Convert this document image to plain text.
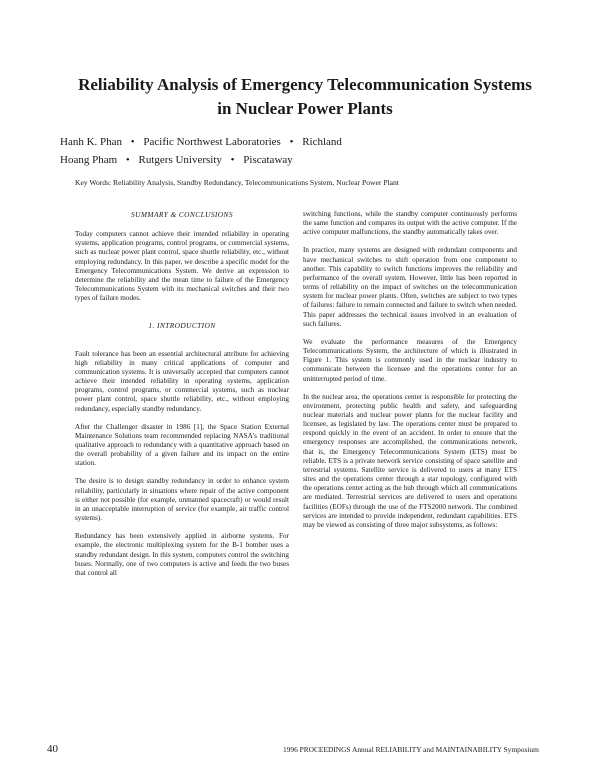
Reliability Analysis of Emergency Telecommunication Systems
in Nuclear Power Plants
Hanh K. Phan • Pacific Northwest Laboratories • Richland
Hoang Pham • Rutgers University • Piscataway
Key Words: Reliability Analysis, Standby Redundancy, Telecommunications System, Nuclear Power Plant
SUMMARY & CONCLUSIONS

Today computers cannot achieve their intended reliability in operating systems, application programs, control programs, or commercial systems, such as nuclear power plant control, space shuttle reliability, etc., without employing redundancy. In this paper, we describe a specific model for the Emergency Telecommunications System. We derive an expression to determine the reliability and the mean time to failure of the Emergency Telecommunications System with its mechanical switches and their two types of failure modes.

1. INTRODUCTION

Fault tolerance has been an essential architectural attribute for achieving high reliability in many critical applications of computer and communication systems. It is universally accepted that computers cannot achieve their intended reliability in operating systems, application programs, control programs, or commercial systems, such as nuclear power plant control, space shuttle reliability, etc., without employing redundancy, especially standby redundancy.

After the Challenger disaster in 1986 [1], the Space Station External Maintenance Solutions team recommended replacing NASA's traditional qualitative approach to redundancy with a quantitative approach based on the overall probability of a given failure and its impact on the entire station.

The desire is to design standby redundancy in order to enhance system reliability, particularly in situations where repair of the active component is either not possible (for example, unmanned spacecraft) or would result in an unacceptable interruption of service (for example, air traffic control systems).

Redundancy has been extensively applied in airborne systems. For example, the electronic multiplexing system for the B-1 bomber uses a standby redundant design. In this system, computers control the switching buses. Normally, one of two computers is active and feeds the two buses that control all

switching functions, while the standby computer continuously performs the same function and compares its output with the active computer. If the active computer malfunctions, the standby automatically takes over.

In practice, many systems are designed with redundant components and have mechanical switches to shift operation from one component to another. This capability to switch functions improves the reliability and performance of the overall system. However, little has been reported in terms of reliability on the impact of switches on the telecommunication system for nuclear power plants. Often, switches are subject to two types of failures: failure to remain connected and failure to switch when needed. This paper addresses the technical issues involved in an evaluation of such failures.

We evaluate the performance measures of the Emergency Telecommunications System, the architecture of which is illustrated in Figure 1. This system is commonly used in the nuclear industry to communicate between the licensee and the operations center for an uninterrupted period of time.

In the nuclear area, the operations center is responsible for protecting the environment, protecting public health and safety, and safeguarding nuclear materials and nuclear power plants for the nuclear facility and licensee, as legislated by law. The operations center must be prepared to respond quickly in the event of an accident. In order to ensure that the emergency responses are accomplished, the communications network, that is, the Emergency Telecommunications System (ETS) must be reliable. ETS is a private network service consisting of space satellite and terrestrial systems. Satellite service is delivered to users at many ETS sites and the operations center through a star topology, configured with the operations center acting as the hub through which all communications are mediated. Terrestrial services are delivered to users and operations facilities (EOFs) through the use of the FTS2000 network. The combined services are intended to provide independent, redundant capabilities. ETS may be viewed as consisting of three major subsystems, as follows:

40	1996 PROCEEDINGS Annual RELIABILITY and MAINTAINABILITY Symposium
